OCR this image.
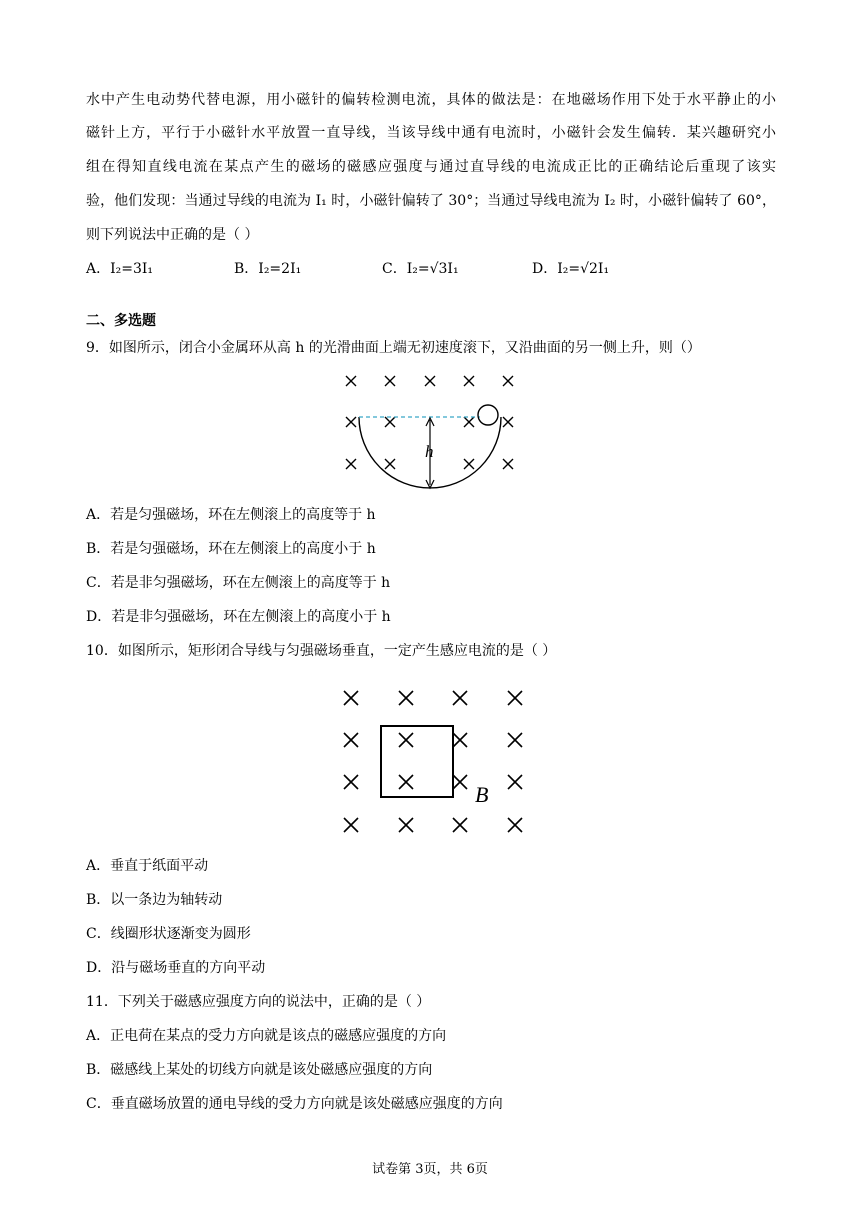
水中产生电动势代替电源，用小磁针的偏转检测电流，具体的做法是：在地磁场作用下处于水平静止的小
磁针上方，平行于小磁针水平放置一直导线，当该导线中通有电流时，小磁针会发生偏转．某兴趣研究小
组在得知直线电流在某点产生的磁场的磁感应强度与通过直导线的电流成正比的正确结论后重现了该实
验，他们发现：当通过导线的电流为 I₁ 时，小磁针偏转了 30°；当通过导线电流为 I₂ 时，小磁针偏转了 60°，
则下列说法中正确的是（ ）
A．I₂=3I₁	B．I₂=2I₁	C．I₂=√3I₁	D．I₂=√2I₁
二、多选题
9．如图所示，闭合小金属环从高 h 的光滑曲面上端无初速度滚下，又沿曲面的另一侧上升，则（）
h
A．若是匀强磁场，环在左侧滚上的高度等于 h
B．若是匀强磁场，环在左侧滚上的高度小于 h
C．若是非匀强磁场，环在左侧滚上的高度等于 h
D．若是非匀强磁场，环在左侧滚上的高度小于 h
10．如图所示，矩形闭合导线与匀强磁场垂直，一定产生感应电流的是（ ）
B
A．垂直于纸面平动
B．以一条边为轴转动
C．线圈形状逐渐变为圆形
D．沿与磁场垂直的方向平动
11．下列关于磁感应强度方向的说法中，正确的是（ ）
A．正电荷在某点的受力方向就是该点的磁感应强度的方向
B．磁感线上某处的切线方向就是该处磁感应强度的方向
C．垂直磁场放置的通电导线的受力方向就是该处磁感应强度的方向
试卷第 3页，共 6页
